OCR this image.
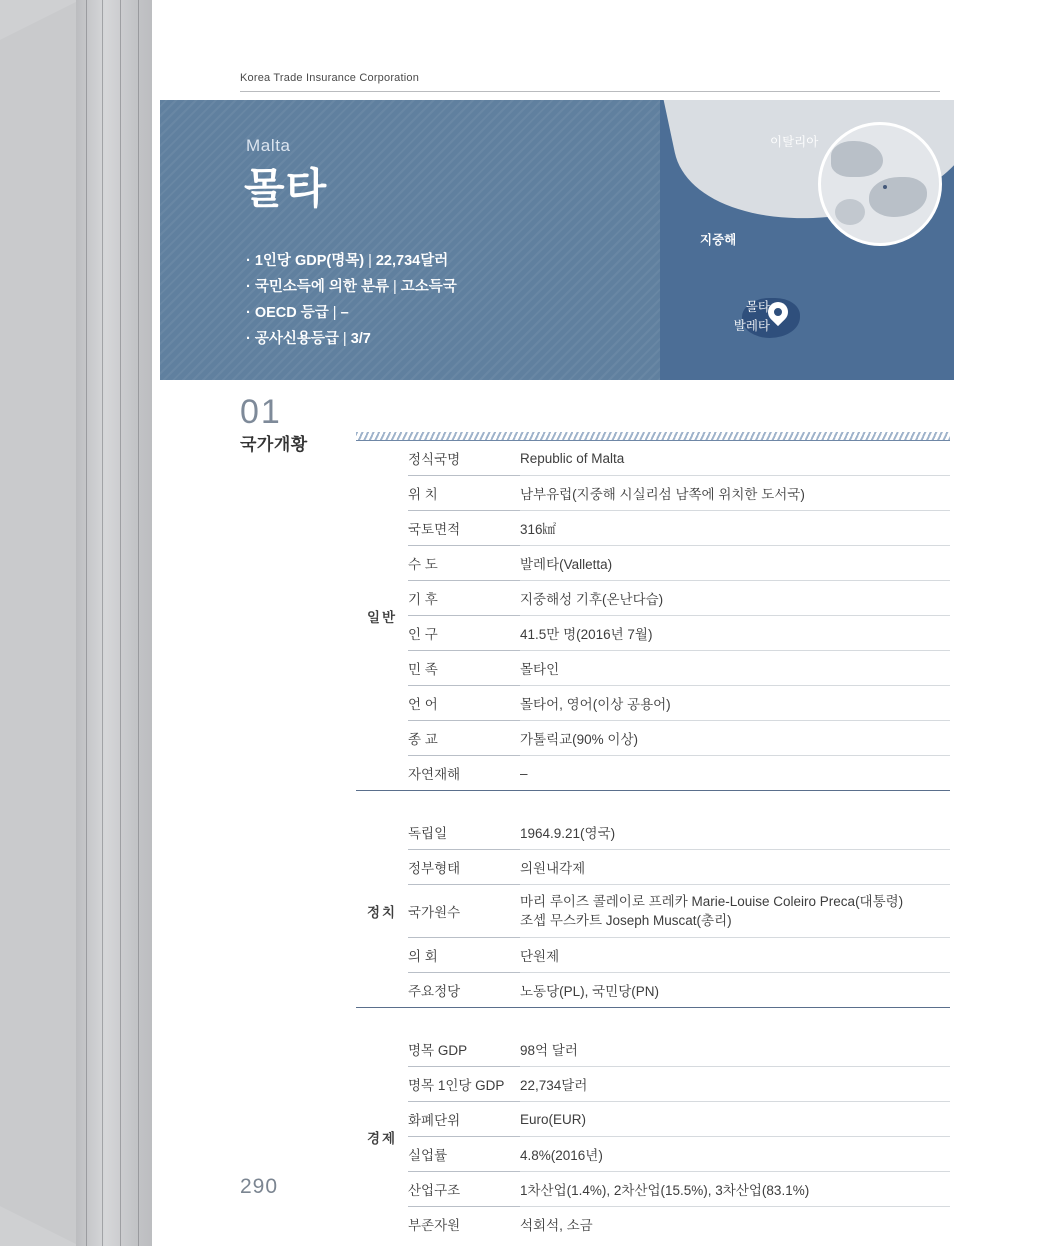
Korea Trade Insurance Corporation
Malta
몰타
· 1인당 GDP(명목) | 22,734달러
· 국민소득에 의한 분류 | 고소득국
· OECD 등급 | –
· 공사신용등급 | 3/7
이탈리아
지중해
몰타
발레타
01
국가개황
일반	정식국명	Republic of Malta
	위 치	남부유럽(지중해 시실리섬 남쪽에 위치한 도서국)
	국토면적	316㎢
	수 도	발레타(Valletta)
	기 후	지중해성 기후(온난다습)
	인 구	41.5만 명(2016년 7월)
	민 족	몰타인
	언 어	몰타어, 영어(이상 공용어)
	종 교	가톨릭교(90% 이상)
	자연재해	–

정치	독립일	1964.9.21(영국)
	정부형태	의원내각제
	국가원수	마리 루이즈 콜레이로 프레카 Marie-Louise Coleiro Preca(대통령)
조셉 무스카트 Joseph Muscat(총리)

	의 회	단원제
	주요정당	노동당(PL), 국민당(PN)

경제	명목 GDP	98억 달러
	명목 1인당 GDP	22,734달러
	화폐단위	Euro(EUR)
	실업률	4.8%(2016년)
	산업구조	1차산업(1.4%), 2차산업(15.5%), 3차산업(83.1%)
	부존자원	석회석, 소금

290
